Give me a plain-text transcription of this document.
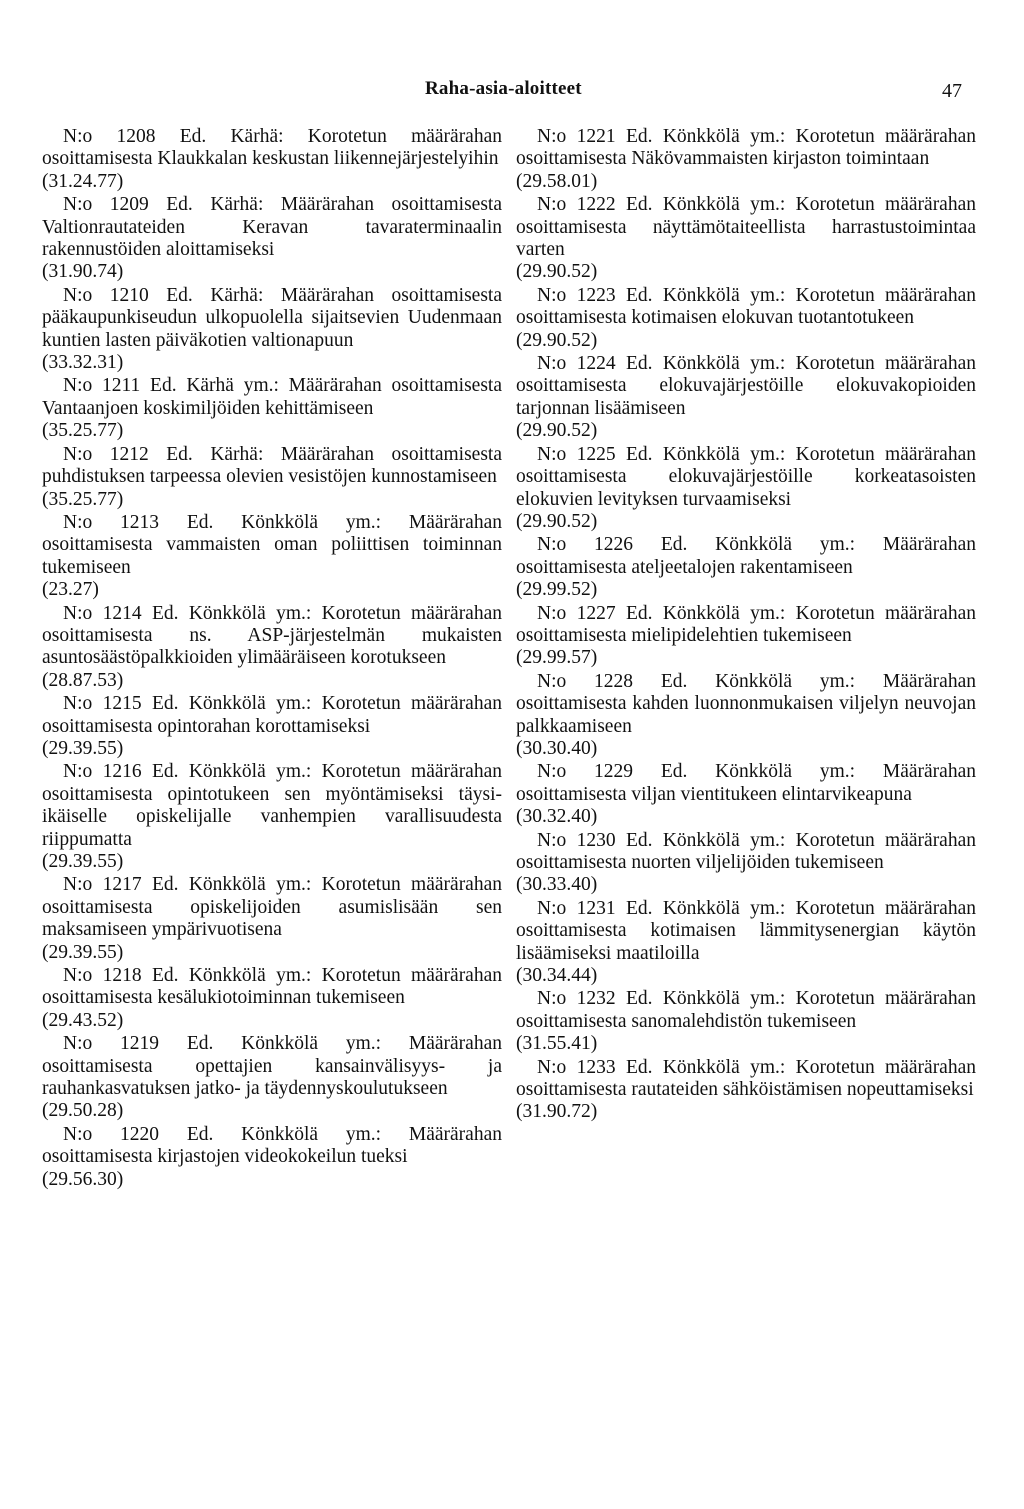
Raha-asia-aloitteet	47
N:o 1208 Ed. Kärhä: Korotetun määrärahan osoittamisesta Klaukkalan keskustan liikennejärjestelyihin
(31.24.77)
N:o 1209 Ed. Kärhä: Määrärahan osoittamisesta Valtionrautateiden Keravan tavaraterminaalin rakennustöiden aloittamiseksi
(31.90.74)
N:o 1210 Ed. Kärhä: Määrärahan osoittamisesta pääkaupunkiseudun ulkopuolella sijaitsevien Uudenmaan kuntien lasten päiväkotien valtionapuun
(33.32.31)
N:o 1211 Ed. Kärhä ym.: Määrärahan osoittamisesta Vantaanjoen koskimiljöiden kehittämiseen
(35.25.77)
N:o 1212 Ed. Kärhä: Määrärahan osoittamisesta puhdistuksen tarpeessa olevien vesistöjen kunnostamiseen
(35.25.77)
N:o 1213 Ed. Könkkölä ym.: Määrärahan osoittamisesta vammaisten oman poliittisen toiminnan tukemiseen
(23.27)
N:o 1214 Ed. Könkkölä ym.: Korotetun määrärahan osoittamisesta ns. ASP-järjestelmän mukaisten asuntosäästöpalkkioiden ylimääräiseen korotukseen
(28.87.53)
N:o 1215 Ed. Könkkölä ym.: Korotetun määrärahan osoittamisesta opintorahan korottamiseksi
(29.39.55)
N:o 1216 Ed. Könkkölä ym.: Korotetun määrärahan osoittamisesta opintotukeen sen myöntämiseksi täysi-ikäiselle opiskelijalle vanhempien varallisuudesta riippumatta
(29.39.55)
N:o 1217 Ed. Könkkölä ym.: Korotetun määrärahan osoittamisesta opiskelijoiden asumislisään sen maksamiseen ympärivuotisena
(29.39.55)
N:o 1218 Ed. Könkkölä ym.: Korotetun määrärahan osoittamisesta kesälukiotoiminnan tukemiseen
(29.43.52)
N:o 1219 Ed. Könkkölä ym.: Määrärahan osoittamisesta opettajien kansainvälisyys- ja rauhankasvatuksen jatko- ja täydennyskoulutukseen
(29.50.28)
N:o 1220 Ed. Könkkölä ym.: Määrärahan osoittamisesta kirjastojen videokokeilun tueksi
(29.56.30)
N:o 1221 Ed. Könkkölä ym.: Korotetun määrärahan osoittamisesta Näkövammaisten kirjaston toimintaan
(29.58.01)
N:o 1222 Ed. Könkkölä ym.: Korotetun määrärahan osoittamisesta näyttämötaiteellista harrastustoimintaa varten
(29.90.52)
N:o 1223 Ed. Könkkölä ym.: Korotetun määrärahan osoittamisesta kotimaisen elokuvan tuotantotukeen
(29.90.52)
N:o 1224 Ed. Könkkölä ym.: Korotetun määrärahan osoittamisesta elokuvajärjestöille elokuvakopioiden tarjonnan lisäämiseen
(29.90.52)
N:o 1225 Ed. Könkkölä ym.: Korotetun määrärahan osoittamisesta elokuvajärjestöille korkeatasoisten elokuvien levityksen turvaamiseksi
(29.90.52)
N:o 1226 Ed. Könkkölä ym.: Määrärahan osoittamisesta ateljeetalojen rakentamiseen
(29.99.52)
N:o 1227 Ed. Könkkölä ym.: Korotetun määrärahan osoittamisesta mielipidelehtien tukemiseen
(29.99.57)
N:o 1228 Ed. Könkkölä ym.: Määrärahan osoittamisesta kahden luonnonmukaisen viljelyn neuvojan palkkaamiseen
(30.30.40)
N:o 1229 Ed. Könkkölä ym.: Määrärahan osoittamisesta viljan vientitukeen elintarvikeapuna
(30.32.40)
N:o 1230 Ed. Könkkölä ym.: Korotetun määrärahan osoittamisesta nuorten viljelijöiden tukemiseen
(30.33.40)
N:o 1231 Ed. Könkkölä ym.: Korotetun määrärahan osoittamisesta kotimaisen lämmitysenergian käytön lisäämiseksi maatiloilla
(30.34.44)
N:o 1232 Ed. Könkkölä ym.: Korotetun määrärahan osoittamisesta sanomalehdistön tukemiseen
(31.55.41)
N:o 1233 Ed. Könkkölä ym.: Korotetun määrärahan osoittamisesta rautateiden sähköistämisen nopeuttamiseksi
(31.90.72)
